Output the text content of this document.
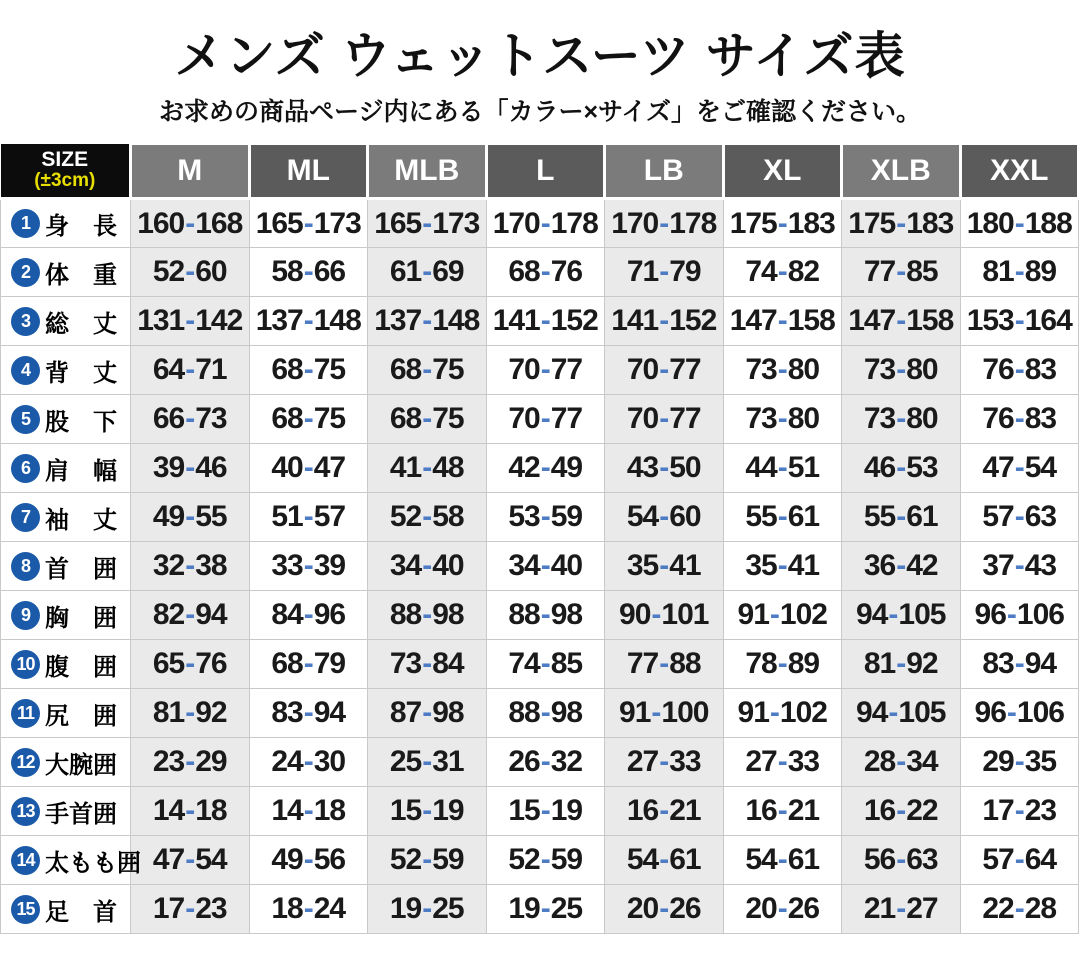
メンズ ウェットスーツ サイズ表

お求めの商品ページ内にある「カラー×サイズ」をご確認ください。

SIZE
(±3cm)	M	ML	MLB	L	LB	XL	XLB	XXL

1 身　長	160-168	165-173	165-173	170-178	170-178	175-183	175-183	180-188

2 体　重	52-60	58-66	61-69	68-76	71-79	74-82	77-85	81-89

3 総　丈	131-142	137-148	137-148	141-152	141-152	147-158	147-158	153-164

4 背　丈	64-71	68-75	68-75	70-77	70-77	73-80	73-80	76-83

5 股　下	66-73	68-75	68-75	70-77	70-77	73-80	73-80	76-83

6 肩　幅	39-46	40-47	41-48	42-49	43-50	44-51	46-53	47-54

7 袖　丈	49-55	51-57	52-58	53-59	54-60	55-61	55-61	57-63

8 首　囲	32-38	33-39	34-40	34-40	35-41	35-41	36-42	37-43

9 胸　囲	82-94	84-96	88-98	88-98	90-101	91-102	94-105	96-106

10 腹　囲	65-76	68-79	73-84	74-85	77-88	78-89	81-92	83-94

11 尻　囲	81-92	83-94	87-98	88-98	91-100	91-102	94-105	96-106

12 大腕囲	23-29	24-30	25-31	26-32	27-33	27-33	28-34	29-35

13 手首囲	14-18	14-18	15-19	15-19	16-21	16-21	16-22	17-23

14 太もも囲	47-54	49-56	52-59	52-59	54-61	54-61	56-63	57-64

15 足　首	17-23	18-24	19-25	19-25	20-26	20-26	21-27	22-28
